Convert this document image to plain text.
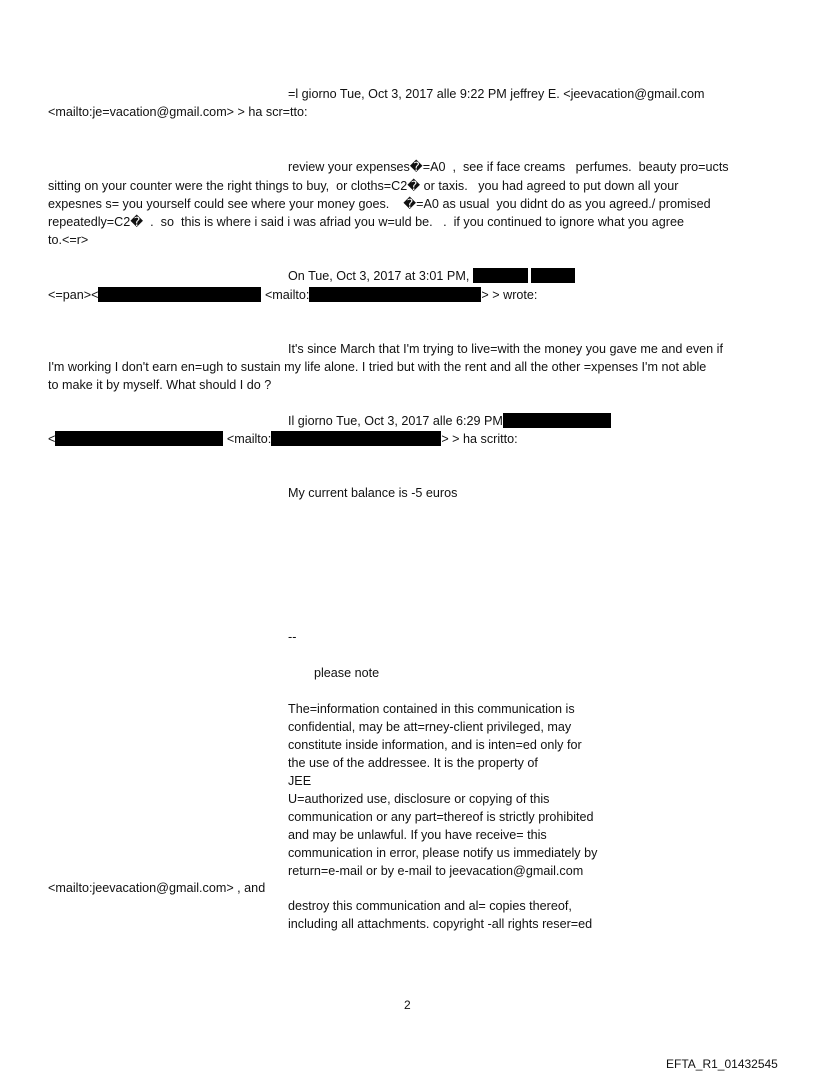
=l giorno Tue, Oct 3, 2017 alle 9:22 PM jeffrey E. <jeevacation@gmail.com
<mailto:je=vacation@gmail.com> > ha scr=tto:
review your expenses�=A0  ,  see if face creams   perfumes.  beauty pro=ucts
sitting on your counter were the right things to buy,  or cloths=C2� or taxis.   you had agreed to put down all your
expesnes s= you yourself could see where your money goes.    �=A0 as usual  you didnt do as you agreed./ promised
repeatedly=C2�  .  so  this is where i said i was afriad you w=uld be.   .  if you continued to ignore what you agree
to.<=r>
On Tue, Oct 3, 2017 at 3:01 PM,
<=pan><	<mailto:	> > wrote:
It's since March that I'm trying to live=with the money you gave me and even if
I'm working I don't earn en=ugh to sustain my life alone. I tried but with the rent and all the other =xpenses I'm not able
to make it by myself. What should I do ?
Il giorno Tue, Oct 3, 2017 alle 6:29 PM
<	<mailto:	> > ha scritto:
My current balance is -5 euros
--
please note
The=information contained in this communication is
confidential, may be att=rney-client privileged, may
constitute inside information, and is inten=ed only for
the use of the addressee. It is the property of
JEE
U=authorized use, disclosure or copying of this
communication or any part=thereof is strictly prohibited
and may be unlawful. If you have receive= this
communication in error, please notify us immediately by
return=e-mail or by e-mail to jeevacation@gmail.com
<mailto:jeevacation@gmail.com> , and
destroy this communication and al= copies thereof,
including all attachments. copyright -all rights reser=ed
2
EFTA_R1_01432545
